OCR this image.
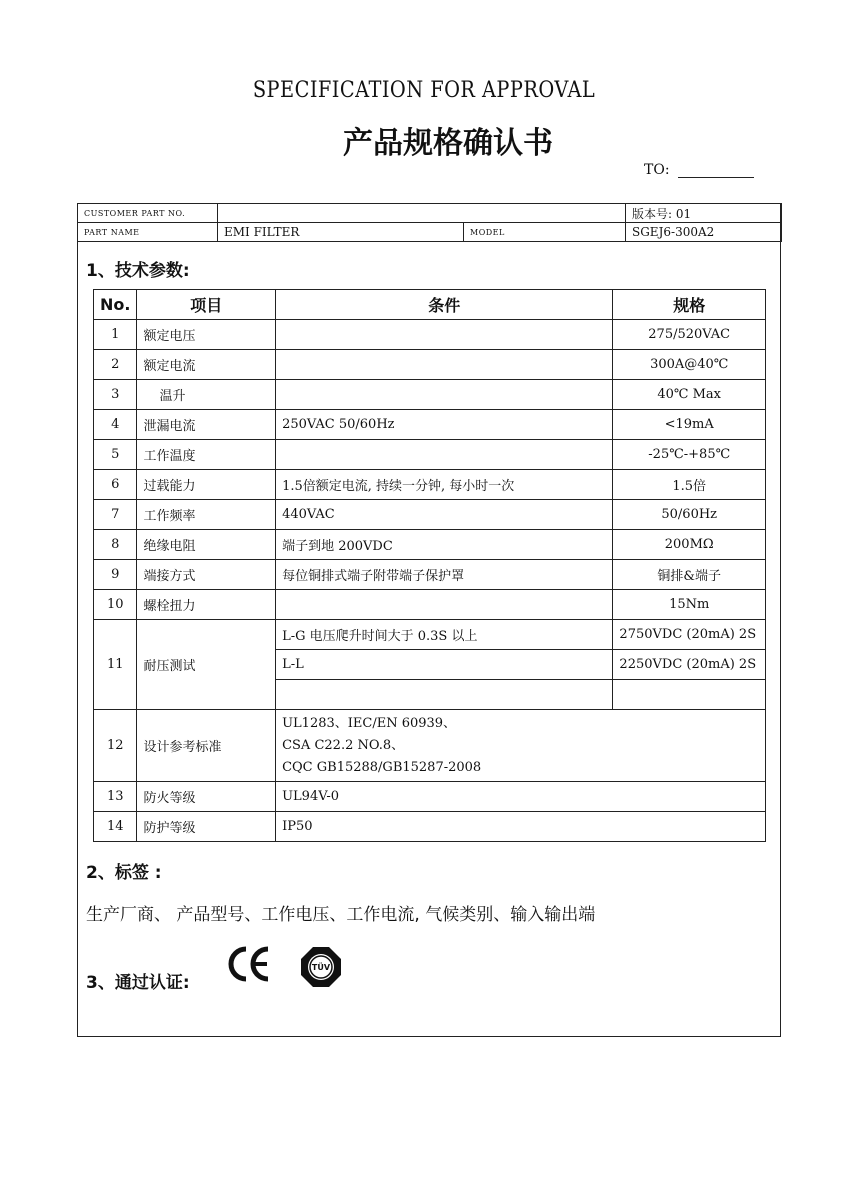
SPECIFICATION FOR APPROVAL
产品规格确认书
TO:
CUSTOMER PART NO.			版本号: 01
PART NAME	EMI FILTER	MODEL	SGEJ6-300A2
1、技术参数:
No.	项目	条件	规格
1	额定电压		275/520VAC
2	额定电流		300A@40℃
3	温升		40℃ Max
4	泄漏电流	250VAC 50/60Hz	<19mA
5	工作温度		-25℃-+85℃
6	过载能力	1.5倍额定电流, 持续一分钟, 每小时一次	1.5倍
7	工作频率	440VAC	50/60Hz
8	绝缘电阻	端子到地 200VDC	200MΩ
9	端接方式	每位铜排式端子附带端子保护罩	铜排&端子
10	螺栓扭力		15Nm
11	耐压测试	L-G 电压爬升时间大于 0.3S 以上	2750VDC (20mA) 2S
		L-L	2250VDC (20mA) 2S

12	设计参考标准	UL1283、IEC/EN 60939、
CSA C22.2 NO.8、
CQC GB15288/GB15287-2008	

13	防火等级	UL94V-0	
14	防护等级	IP50	
2、标签 :
生产厂商、 产品型号、工作电压、工作电流, 气候类别、输入输出端
3、通过认证:
TÜV
